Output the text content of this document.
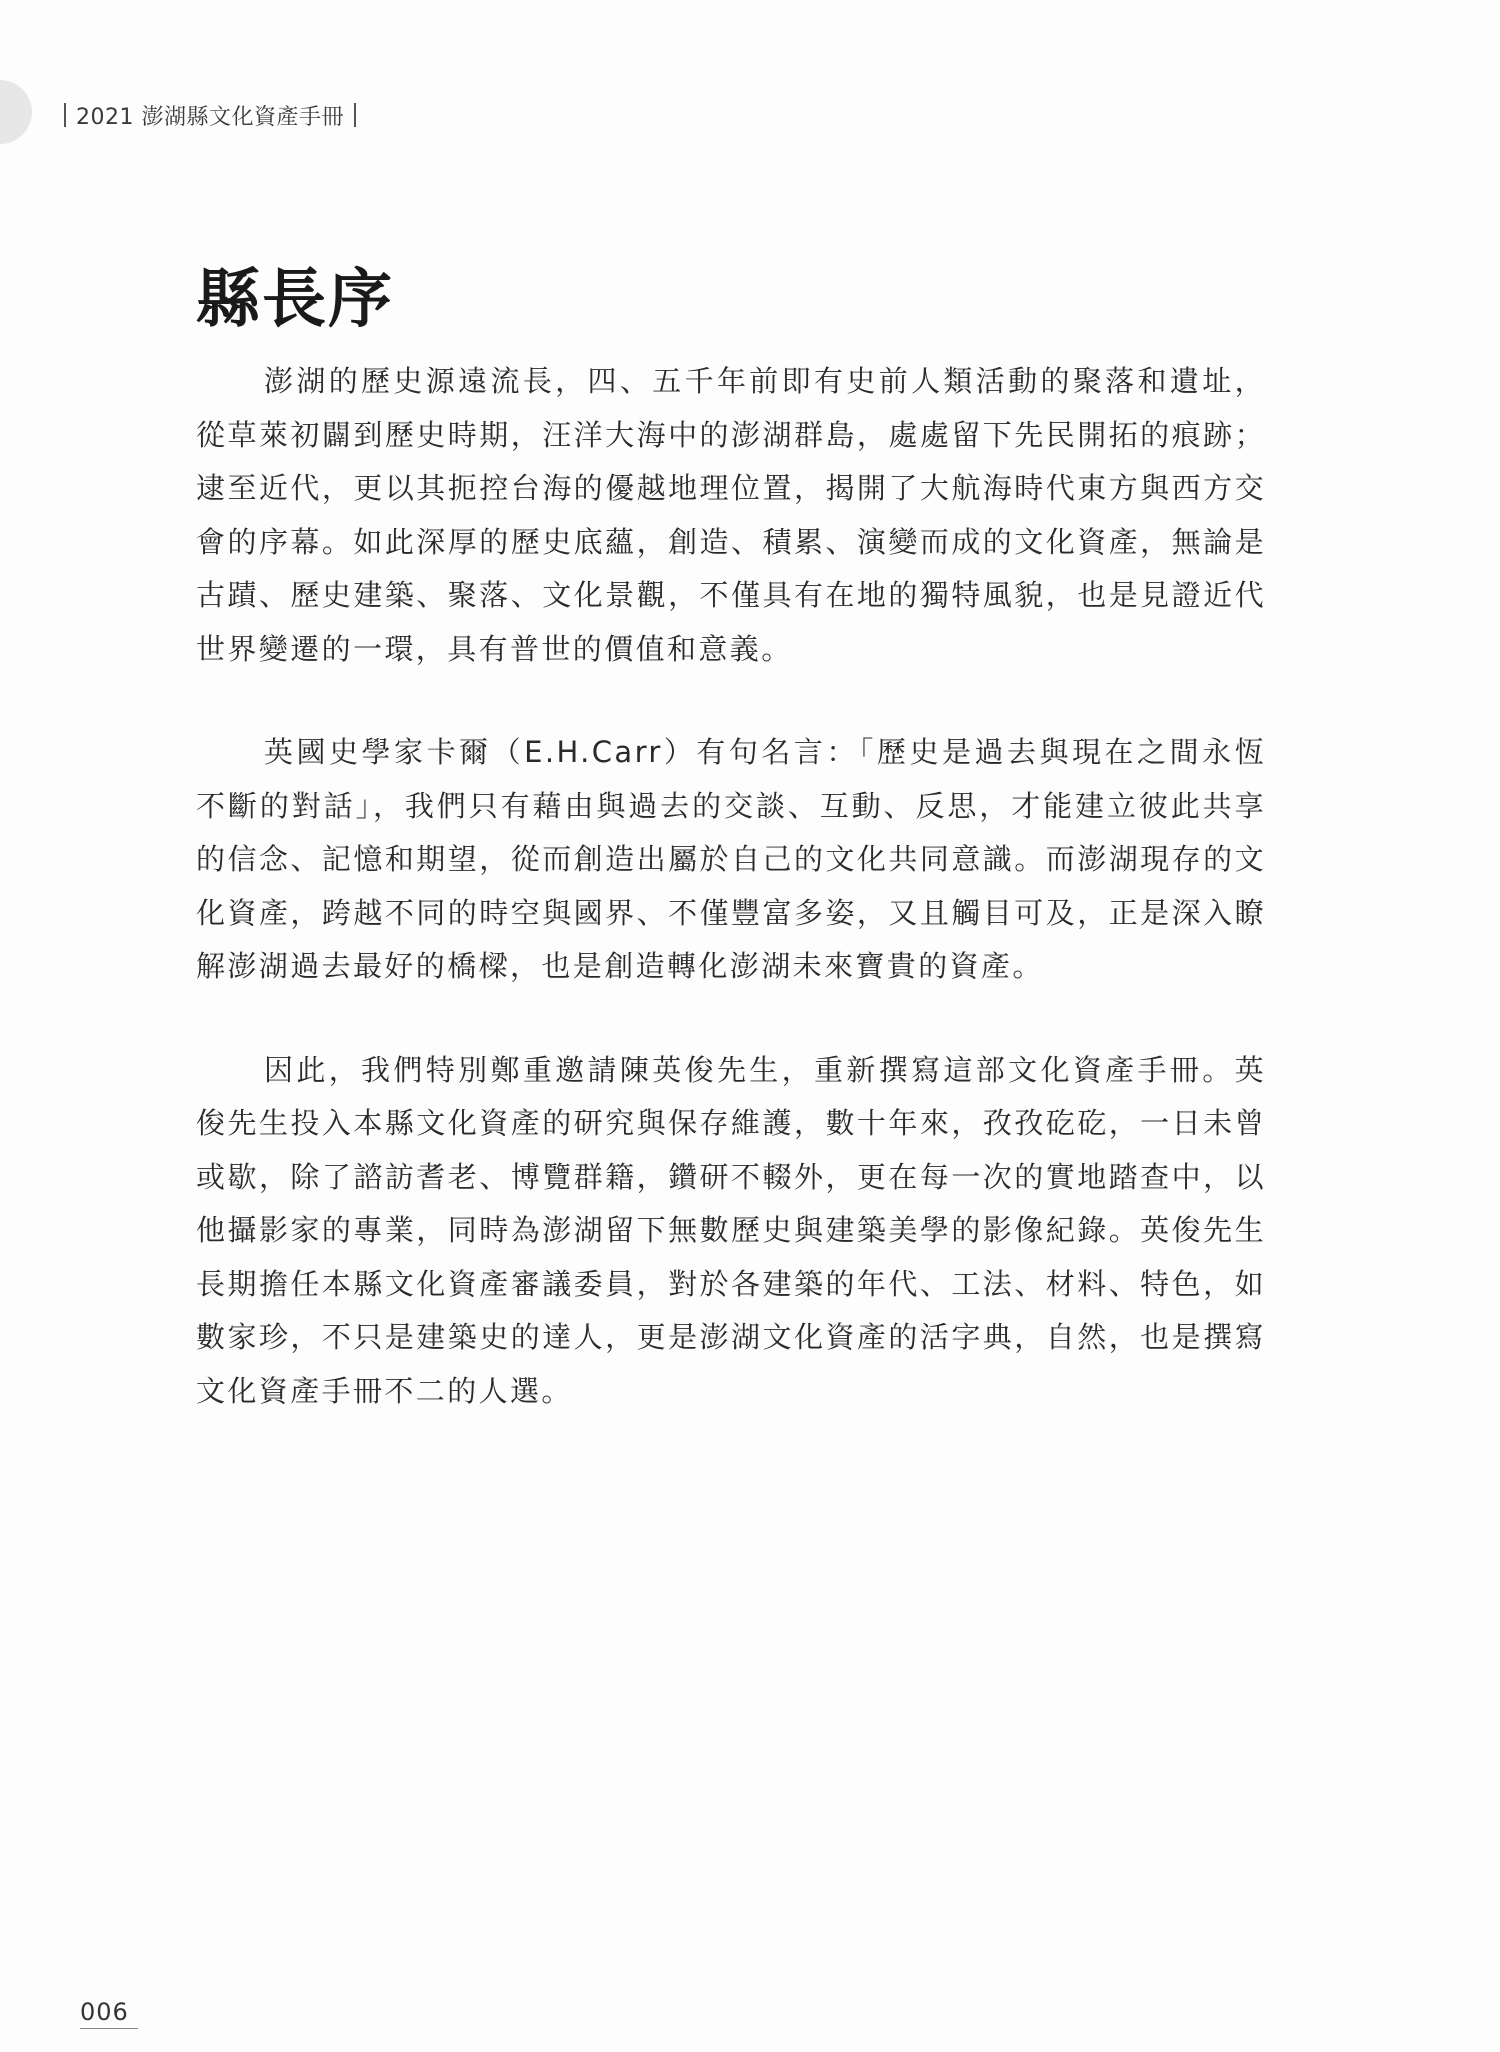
2021 澎湖縣文化資產手冊
縣長序

澎湖的歷史源遠流長，四、五千年前即有史前人類活動的聚落和遺址，從草萊初闢到歷史時期，汪洋大海中的澎湖群島，處處留下先民開拓的痕跡；逮至近代，更以其扼控台海的優越地理位置，揭開了大航海時代東方與西方交會的序幕。如此深厚的歷史底蘊，創造、積累、演變而成的文化資產，無論是古蹟、歷史建築、聚落、文化景觀，不僅具有在地的獨特風貌，也是見證近代世界變遷的一環，具有普世的價值和意義。

英國史學家卡爾（E.H.Carr）有句名言：「歷史是過去與現在之間永恆不斷的對話」，我們只有藉由與過去的交談、互動、反思，才能建立彼此共享的信念、記憶和期望，從而創造出屬於自己的文化共同意識。而澎湖現存的文化資產，跨越不同的時空與國界、不僅豐富多姿，又且觸目可及，正是深入瞭解澎湖過去最好的橋樑，也是創造轉化澎湖未來寶貴的資產。

因此，我們特別鄭重邀請陳英俊先生，重新撰寫這部文化資產手冊。英俊先生投入本縣文化資產的研究與保存維護，數十年來，孜孜矻矻，一日未曾或歇，除了諮訪耆老、博覽群籍，鑽研不輟外，更在每一次的實地踏查中，以他攝影家的專業，同時為澎湖留下無數歷史與建築美學的影像紀錄。英俊先生長期擔任本縣文化資產審議委員，對於各建築的年代、工法、材料、特色，如數家珍，不只是建築史的達人，更是澎湖文化資產的活字典，自然，也是撰寫文化資產手冊不二的人選。

006
